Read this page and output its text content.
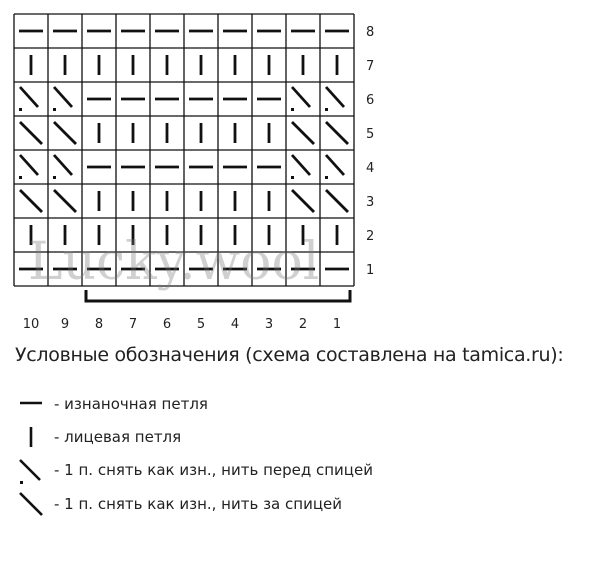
8
7
6
5
4
3
2
1
10 9 8 7 6 5 4 3 2 1
Lucky.wool
Условные обозначения (схема составлена на tamica.ru):
- изнаночная петля
- лицевая петля
- 1 п. снять как изн., нить перед спицей
- 1 п. снять как изн., нить за спицей
